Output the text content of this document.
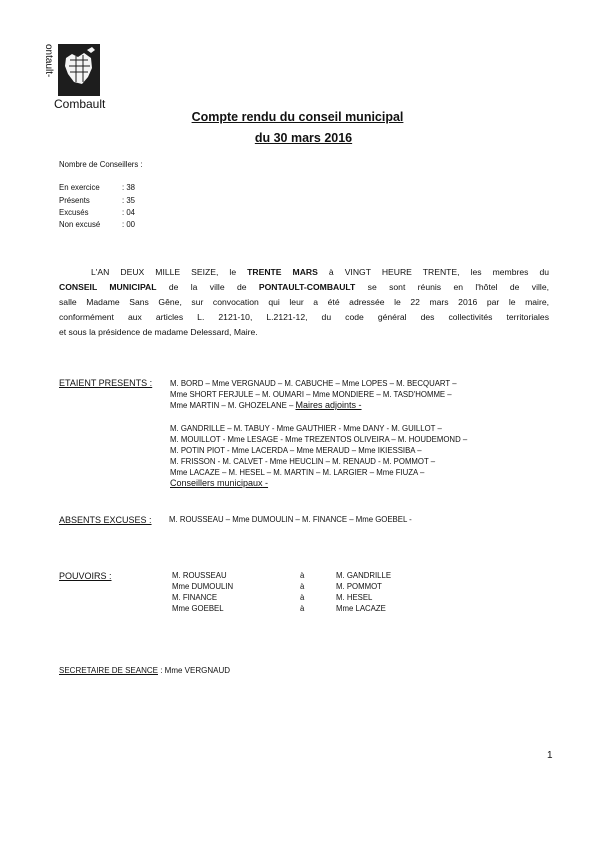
ontault-
Combault
Compte rendu du conseil municipal
du 30 mars 2016
Nombre de Conseillers :
En exercice	: 38
Présents	: 35
Excusés	: 04
Non excusé	: 00
L'AN DEUX MILLE SEIZE, le TRENTE MARS à VINGT HEURE TRENTE, les membres du
CONSEIL MUNICIPAL de la ville de PONTAULT-COMBAULT se sont réunis en l'hôtel de ville,
salle Madame Sans Gêne, sur convocation qui leur a été adressée le 22 mars 2016 par le maire,
conformément aux articles L. 2121-10, L.2121-12, du code général des collectivités territoriales
et sous la présidence de madame Delessard, Maire.
ETAIENT PRESENTS : M. BORD – Mme VERGNAUD – M. CABUCHE – Mme LOPES – M. BECQUART –
Mme SHORT FERJULE – M. OUMARI – Mme MONDIERE – M. TASD'HOMME –
Mme MARTIN – M. GHOZELANE – Maires adjoints -
M. GANDRILLE – M. TABUY - Mme GAUTHIER - Mme DANY - M. GUILLOT –
M. MOUILLOT - Mme LESAGE - Mme TREZENTOS OLIVEIRA – M. HOUDEMOND –
M. POTIN PIOT - Mme LACERDA – Mme MERAUD – Mme IKIESSIBA –
M. FRISSON - M. CALVET - Mme HEUCLIN – M. RENAUD - M. POMMOT –
Mme LACAZE – M. HESEL – M. MARTIN – M. LARGIER – Mme FIUZA –
Conseillers municipaux -
ABSENTS EXCUSES : M. ROUSSEAU – Mme DUMOULIN – M. FINANCE – Mme GOEBEL -
POUVOIRS :	M. ROUSSEAU	à	M. GANDRILLE
Mme DUMOULIN	à	M. POMMOT
M. FINANCE	à	M. HESEL
Mme GOEBEL	à	Mme LACAZE
SECRETAIRE DE SEANCE : Mme VERGNAUD
1
